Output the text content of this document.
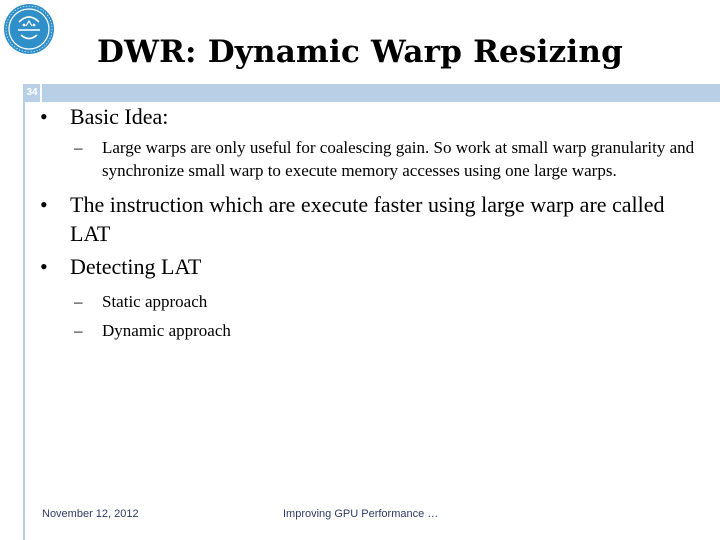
DWR: Dynamic Warp Resizing
34
• Basic Idea:
– Large warps are only useful for coalescing gain. So work at small warp granularity and synchronize small warp to execute memory accesses using one large warps.
• The instruction which are execute faster using large warp are called LAT
• Detecting LAT
– Static approach
– Dynamic approach
November 12, 2012	Improving GPU Performance …
